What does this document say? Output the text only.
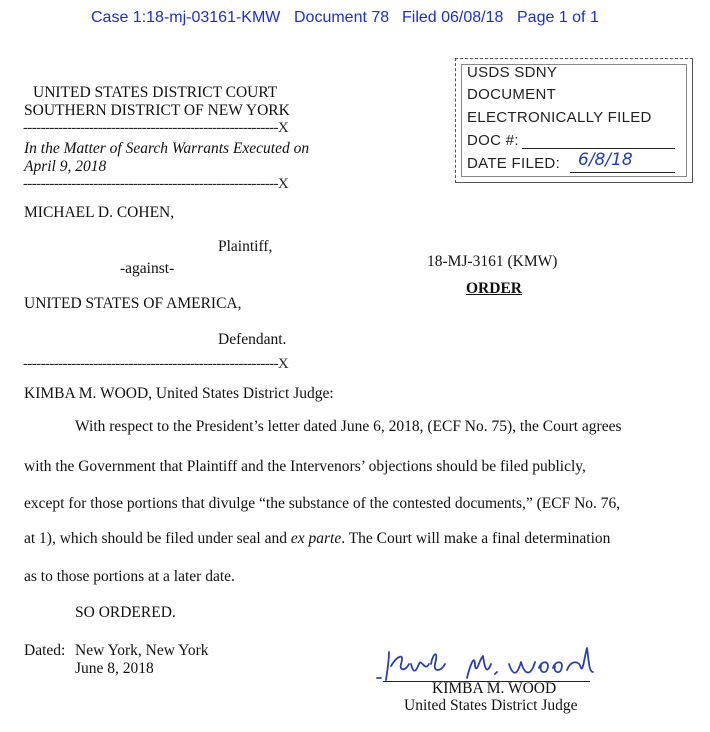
Case 1:18-mj-03161-KMW Document 78 Filed 06/08/18 Page 1 of 1
USDS SDNY
DOCUMENT
ELECTRONICALLY FILED
DOC #:
DATE FILED: 6/8/18
UNITED STATES DISTRICT COURT
SOUTHERN DISTRICT OF NEW YORK
----------------------------------------------------------X
In the Matter of Search Warrants Executed on
April 9, 2018
----------------------------------------------------------X
MICHAEL D. COHEN,
Plaintiff,
-against-
UNITED STATES OF AMERICA,
Defendant.
----------------------------------------------------------X
18-MJ-3161 (KMW)
ORDER
KIMBA M. WOOD, United States District Judge:
With respect to the President’s letter dated June 6, 2018, (ECF No. 75), the Court agrees
with the Government that Plaintiff and the Intervenors’ objections should be filed publicly,
except for those portions that divulge “the substance of the contested documents,” (ECF No. 76,
at 1), which should be filed under seal and ex parte. The Court will make a final determination
as to those portions at a later date.
SO ORDERED.
Dated: New York, New York
June 8, 2018
KIMBA M. WOOD
United States District Judge
